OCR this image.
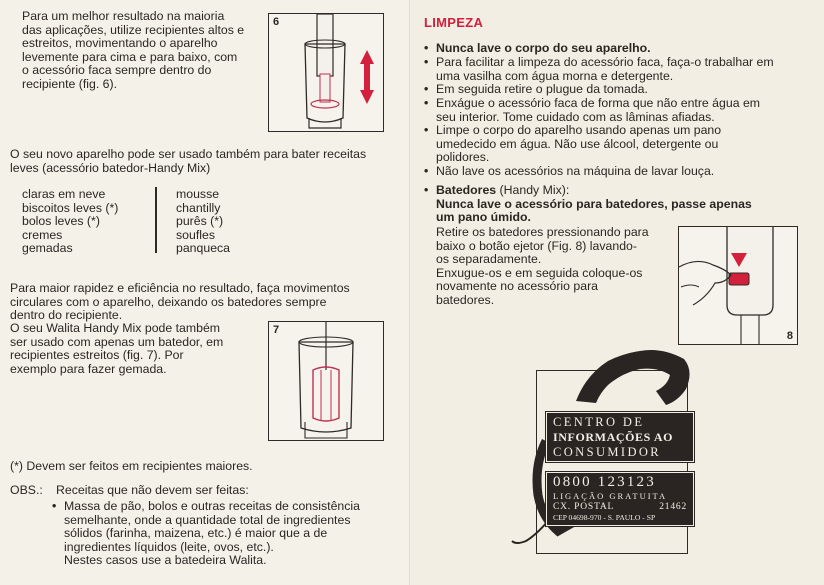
Para um melhor resultado na maioria
das aplicações, utilize recipientes altos e
estreitos, movimentando o aparelho
levemente para cima e para baixo, com
o acessório faca sempre dentro do
recipiente (fig. 6).
6
O seu novo aparelho pode ser usado também para bater receitas
leves (acessório batedor-Handy Mix)
claras em neve
biscoitos leves (*)
bolos leves (*)
cremes
gemadas
mousse
chantilly
purês (*)
soufles
panqueca
Para maior rapidez e eficiência no resultado, faça movimentos
circulares com o aparelho, deixando os batedores sempre
dentro do recipiente.
O seu Walita Handy Mix pode também
ser usado com apenas um batedor, em
recipientes estreitos (fig. 7). Por
exemplo para fazer gemada.
7
(*) Devem ser feitos em recipientes maiores.
OBS.:	Receitas que não devem ser feitas:
• Massa de pão, bolos e outras receitas de consistência
semelhante, onde a quantidade total de ingredientes
sólidos (farinha, maizena, etc.) é maior que a de
ingredientes líquidos (leite, ovos, etc.).
Nestes casos use a batedeira Walita.
LIMPEZA
• Nunca lave o corpo do seu aparelho.
• Para facilitar a limpeza do acessório faca, faça-o trabalhar em
uma vasilha com água morna e detergente.
• Em seguida retire o plugue da tomada.
• Enxágue o acessório faca de forma que não entre água em
seu interior. Tome cuidado com as lâminas afiadas.
• Limpe o corpo do aparelho usando apenas um pano
umedecido em água. Não use álcool, detergente ou
polidores.
• Não lave os acessórios na máquina de lavar louça.
• Batedores (Handy Mix):
Nunca lave o acessório para batedores, passe apenas
um pano úmido.
Retire os batedores pressionando para
baixo o botão ejetor (Fig. 8) lavando-
os separadamente.
Enxugue-os e em seguida coloque-os
novamente no acessório para
batedores.
8
CENTRO DE
INFORMAÇÕES AO
CONSUMIDOR
0800 123123
LIGAÇÃO GRATUITA
CX. POSTAL	21462
CEP 04698-970 - S. PAULO - SP
